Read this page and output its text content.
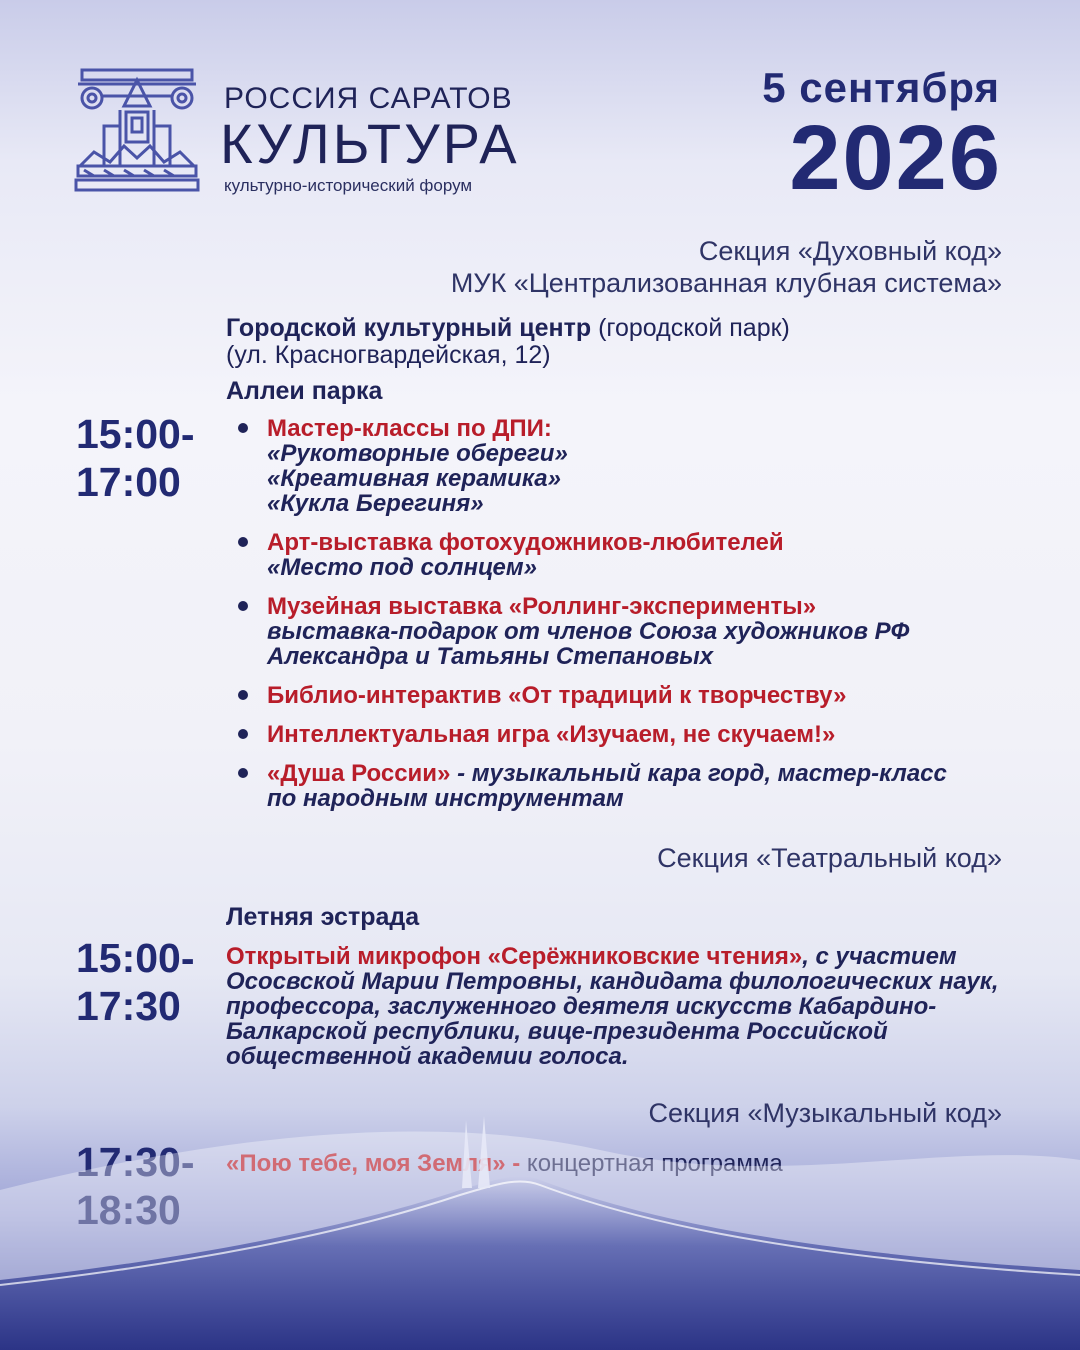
РОССИЯ САРАТОВ
КУЛЬТУРА
культурно-исторический форум
5 сентября
2026
Секция «Духовный код»
МУК «Централизованная клубная система»
Городской культурный центр (городской парк)
(ул. Красногвардейская, 12)
Аллеи парка
15:00-
17:00
Мастер-классы по ДПИ:
«Рукотворные обереги»
«Креативная керамика»
«Кукла Берегиня»
Арт-выставка фотохудожников-любителей
«Место под солнцем»
Музейная выставка «Роллинг-эксперименты»
выставка-подарок от членов Союза художников РФ
Александра и Татьяны Степановых
Библио-интерактив «От традиций к творчеству»
Интеллектуальная игра «Изучаем, не скучаем!»
«Душа России» - музыкальный кара горд, мастер-класс по народным инструментам
Секция «Театральный код»
Летняя эстрада
15:00-
17:30
Открытый микрофон «Серёжниковские чтения», с участием Ососвской Марии Петровны, кандидата филологических наук, профессора, заслуженного деятеля искусств Кабардино-Балкарской республики, вице-президента Российской общественной академии голоса.
Секция «Музыкальный код»
17:30-
18:30
«Пою тебе, моя Земля» - концертная программа
